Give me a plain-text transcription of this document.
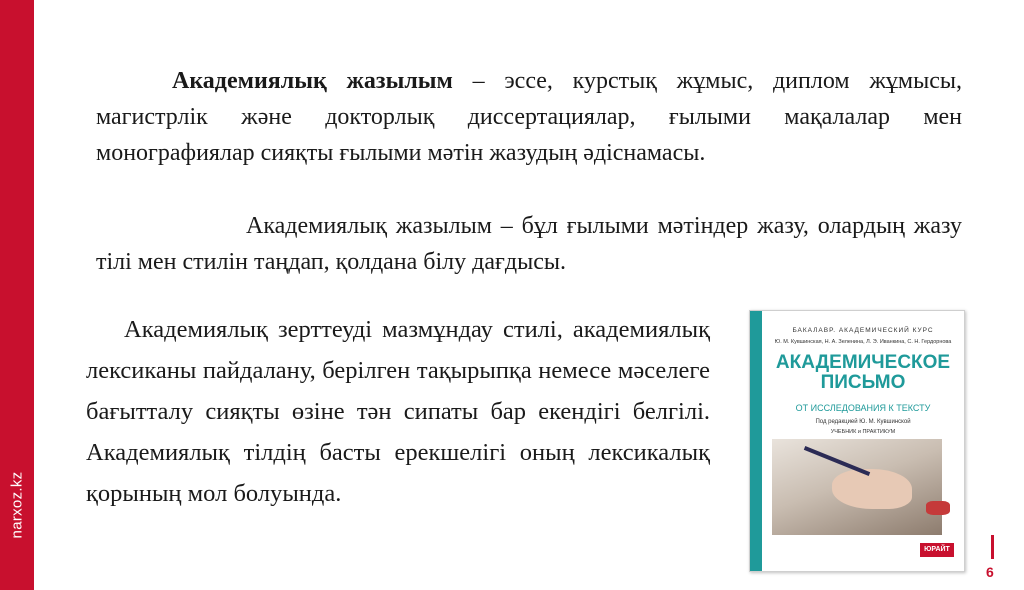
narxoz.kz

Академиялық жазылым – эссе, курстық жұмыс, диплом жұмысы, магистрлік және докторлық диссертациялар, ғылыми мақалалар мен монографиялар сияқты ғылыми мәтін жазудың әдіснамасы.

Академиялық жазылым – бұл ғылыми мәтіндер жазу, олардың жазу тілі мен стилін таңдап, қолдана білу дағдысы.

Академиялық зерттеуді мазмұндау стилі, академиялық лексиканы пайдалану, берілген тақырыпқа немесе мәселеге бағытталу сияқты өзіне тән сипаты бар екендігі белгілі. Академиялық тілдің басты ерекшелігі оның лексикалық қорының мол болуында.

БАКАЛАВР. АКАДЕМИЧЕСКИЙ КУРС
Ю. М. Кувшинская, Н. А. Зеленина, Л. Э. Иванкина, С. Н. Гердорнова
АКАДЕМИЧЕСКОЕ ПИСЬМО
ОТ ИССЛЕДОВАНИЯ К ТЕКСТУ
Под редакцией Ю. М. Кувшинской
УЧЕБНИК и ПРАКТИКУМ
ЮРАЙТ
6
